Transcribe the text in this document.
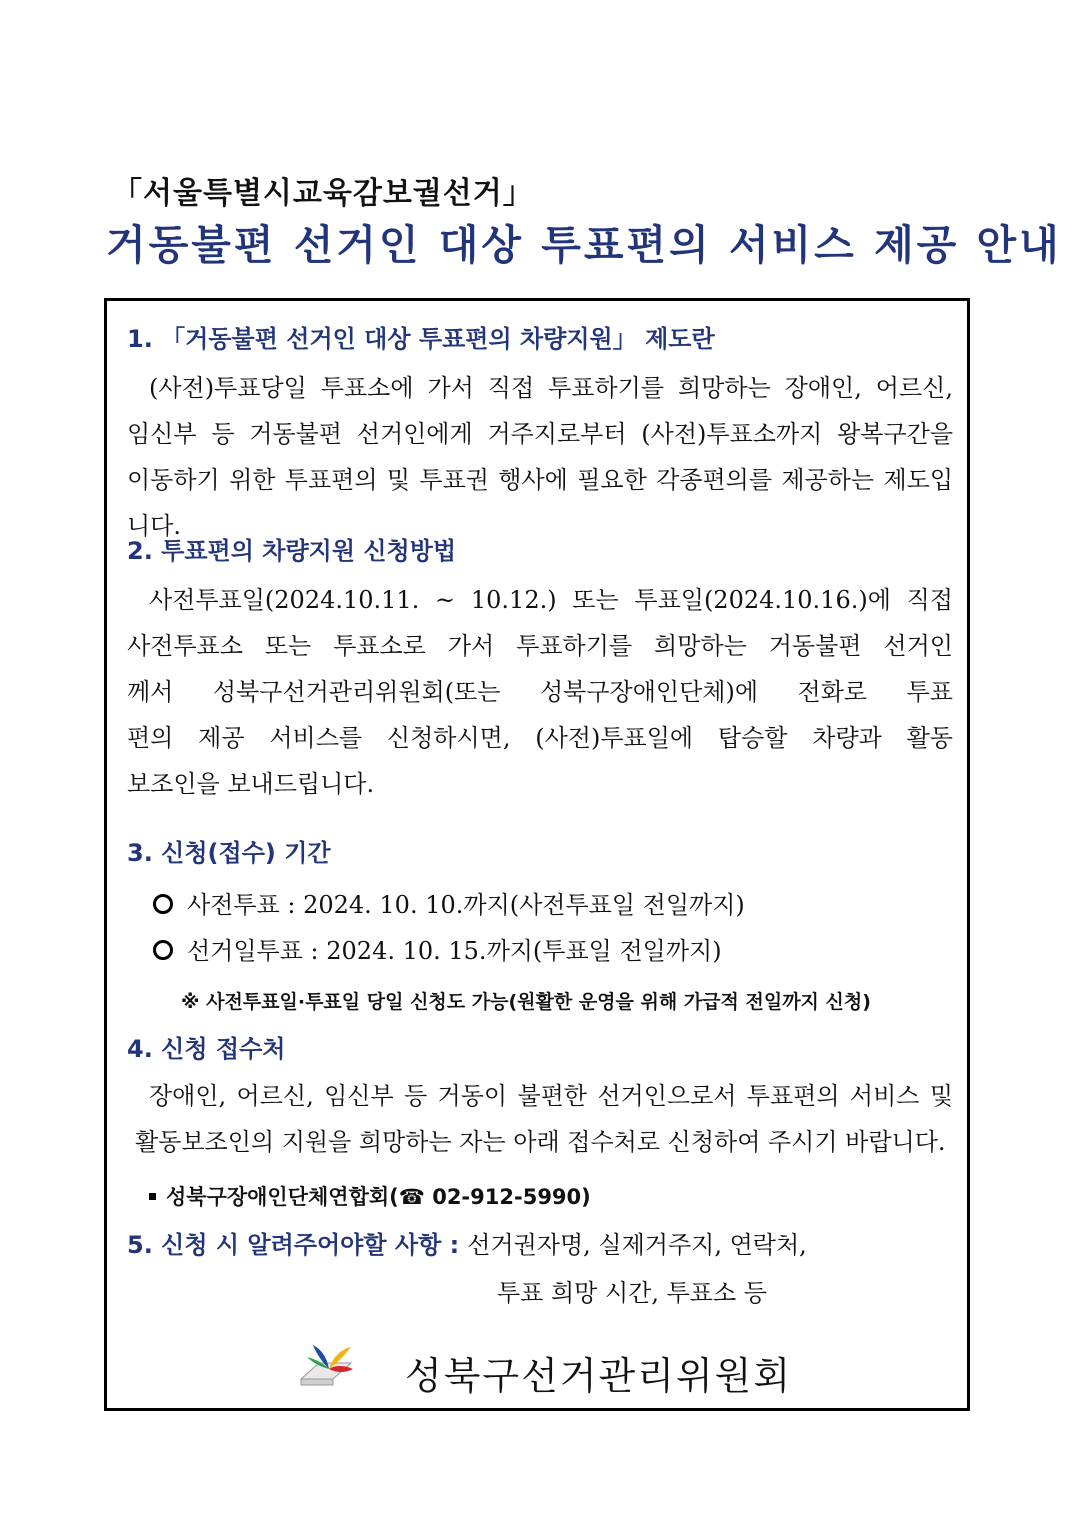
「서울특별시교육감보궐선거」
거동불편 선거인 대상 투표편의 서비스 제공 안내
1. 「거동불편 선거인 대상 투표편의 차량지원」 제도란
(사전)투표당일 투표소에 가서 직접 투표하기를 희망하는 장애인, 어르신,
임신부 등 거동불편 선거인에게 거주지로부터 (사전)투표소까지 왕복구간을
이동하기 위한 투표편의 및 투표권 행사에 필요한 각종편의를 제공하는 제도입니다.
2. 투표편의 차량지원 신청방법
사전투표일(2024.10.11. ~ 10.12.) 또는 투표일(2024.10.16.)에 직접
사전투표소 또는 투표소로 가서 투표하기를 희망하는 거동불편 선거인
께서 성북구선거관리위원회(또는 성북구장애인단체)에 전화로 투표
편의 제공 서비스를 신청하시면, (사전)투표일에 탑승할 차량과 활동
보조인을 보내드립니다.
3. 신청(접수) 기간
사전투표 : 2024. 10. 10.까지(사전투표일 전일까지)
선거일투표 : 2024. 10. 15.까지(투표일 전일까지)
※ 사전투표일·투표일 당일 신청도 가능(원활한 운영을 위해 가급적 전일까지 신청)
4. 신청 접수처
장애인, 어르신, 임신부 등 거동이 불편한 선거인으로서 투표편의 서비스 및
활동보조인의 지원을 희망하는 자는 아래 접수처로 신청하여 주시기 바랍니다.
성북구장애인단체연합회(☎ 02-912-5990)
5. 신청 시 알려주어야할 사항 : 선거권자명, 실제거주지, 연락처,
투표 희망 시간, 투표소 등
성북구선거관리위원회
